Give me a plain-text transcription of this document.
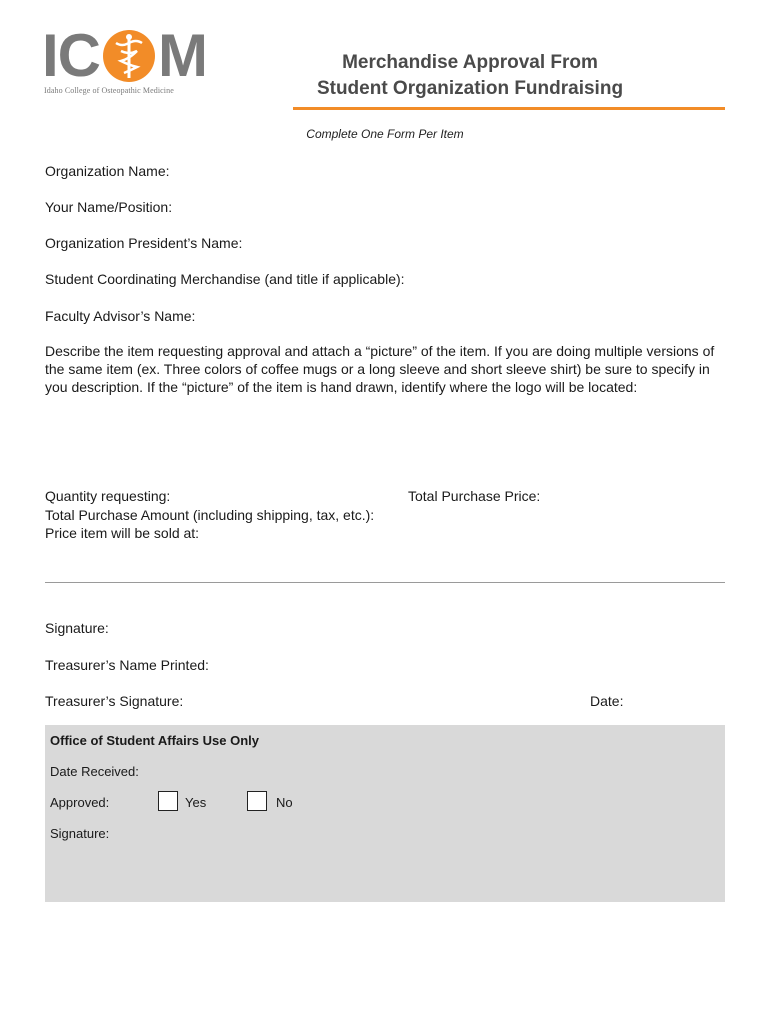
IC M
Idaho College of Osteopathic Medicine
Merchandise Approval From
Student Organization Fundraising
Complete One Form Per Item
Organization Name:
Your Name/Position:
Organization President’s Name:
Student Coordinating Merchandise (and title if applicable):
Faculty Advisor’s Name:
Describe the item requesting approval and attach a “picture” of the item. If you are doing multiple versions of the same item (ex. Three colors of coffee mugs or a long sleeve and short sleeve shirt) be sure to specify in you description. If the “picture” of the item is hand drawn, identify where the logo will be located:
Quantity requesting:	Total Purchase Price:
Total Purchase Amount (including shipping, tax, etc.):
Price item will be sold at:
Signature:
Treasurer’s Name Printed:
Treasurer’s Signature:	Date:
Office of Student Affairs Use Only
Date Received:
Approved:	Yes	No
Signature:
